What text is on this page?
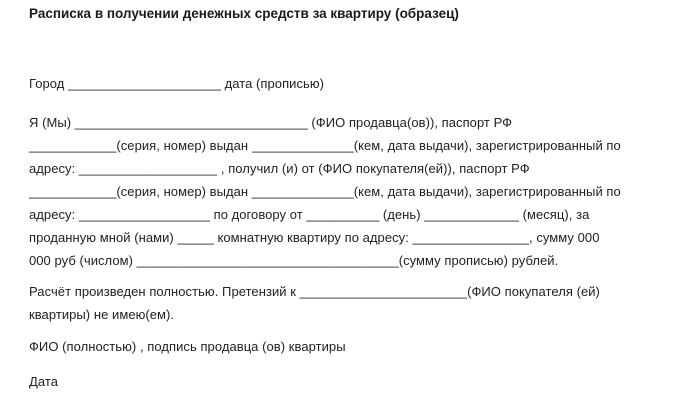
Расписка в получении денежных средств за квартиру (образец)
Город _____________________ дата (прописью)
Я (Мы) ________________________________ (ФИО продавца(ов)), паспорт РФ
____________(серия, номер) выдан ______________(кем, дата выдачи), зарегистрированный по
адресу: ___________________ , получил (и) от (ФИО покупателя(ей)), паспорт РФ
____________(серия, номер) выдан ______________(кем, дата выдачи), зарегистрированный по
адресу: __________________ по договору от __________ (день) _____________ (месяц), за
проданную мной (нами) _____ комнатную квартиру по адресу: ________________, сумму 000
000 руб (числом) ____________________________________(сумму прописью) рублей.
Расчёт произведен полностью. Претензий к _______________________(ФИО покупателя (ей)
квартиры) не имею(ем).
ФИО (полностью) , подпись продавца (ов) квартиры
Дата
